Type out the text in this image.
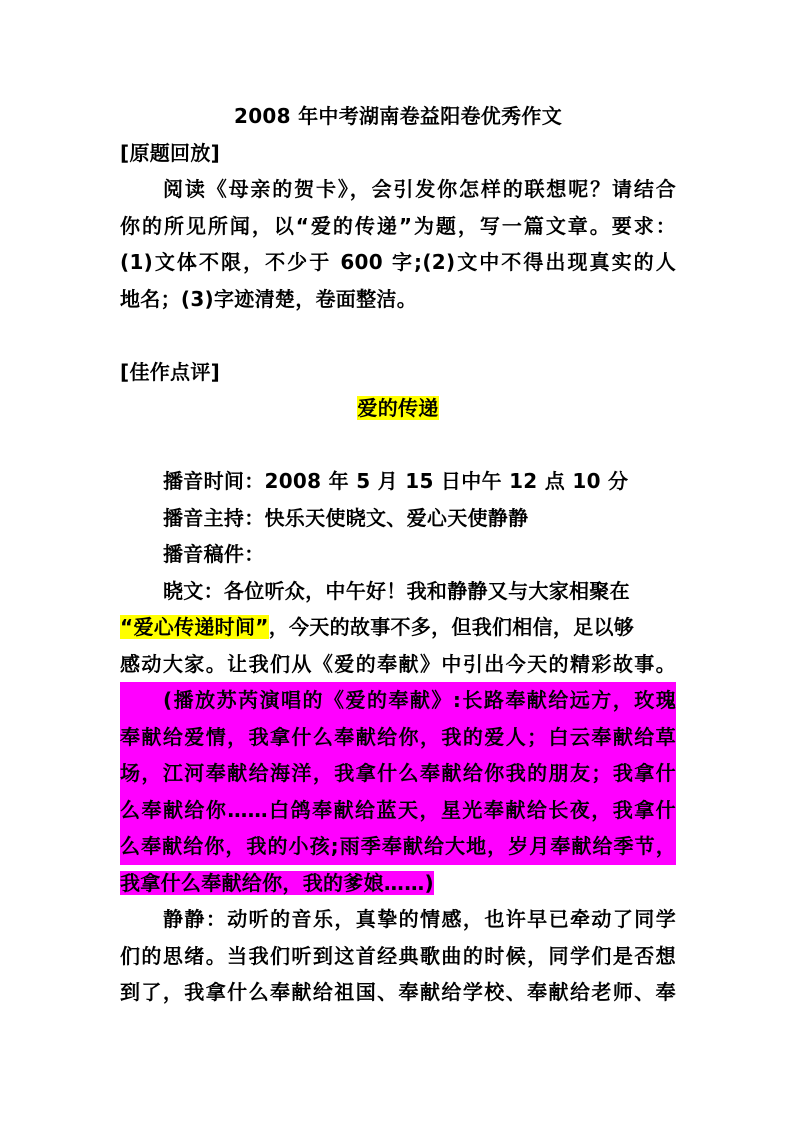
2008 年中考湖南卷益阳卷优秀作文
[原题回放]
阅读《母亲的贺卡》，会引发你怎样的联想呢？请结合
你的所见所闻，以“爱的传递”为题，写一篇文章。要求：
(1)文体不限，不少于 600 字;(2)文中不得出现真实的人
地名；(3)字迹清楚，卷面整洁。
[佳作点评]
爱的传递
播音时间：2008 年 5 月 15 日中午 12 点 10 分
播音主持：快乐天使晓文、爱心天使静静
播音稿件：
晓文：各位听众，中午好！我和静静又与大家相聚在
“爱心传递时间”，今天的故事不多，但我们相信，足以够
感动大家。让我们从《爱的奉献》中引出今天的精彩故事。
(播放苏芮演唱的《爱的奉献》:长路奉献给远方，玫瑰
奉献给爱情，我拿什么奉献给你，我的爱人；白云奉献给草
场，江河奉献给海洋，我拿什么奉献给你我的朋友；我拿什
么奉献给你……白鸽奉献给蓝天，星光奉献给长夜，我拿什
么奉献给你，我的小孩;雨季奉献给大地，岁月奉献给季节，
我拿什么奉献给你，我的爹娘……)
静静：动听的音乐，真挚的情感，也许早已牵动了同学
们的思绪。当我们听到这首经典歌曲的时候，同学们是否想
到了，我拿什么奉献给祖国、奉献给学校、奉献给老师、奉
